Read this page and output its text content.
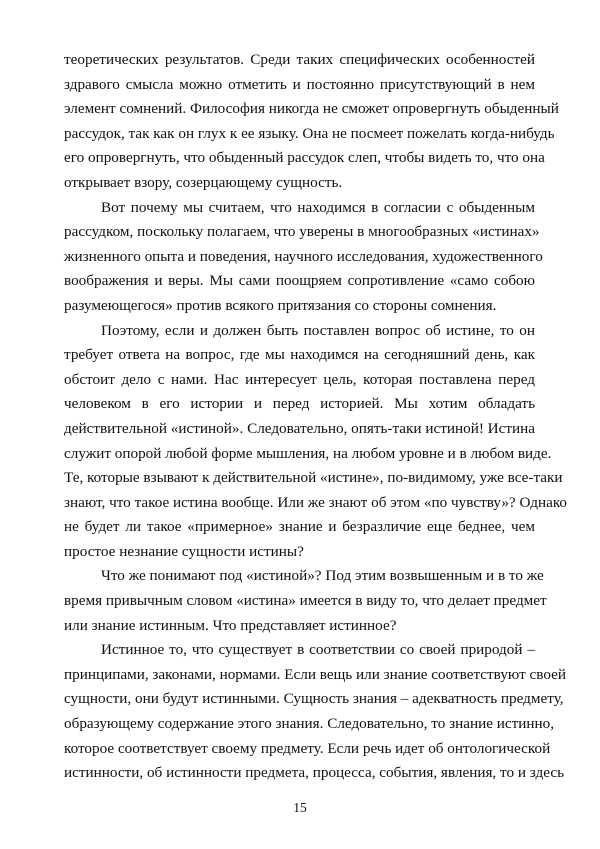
теоретических результатов. Среди таких специфических особенностей
здравого смысла можно отметить и постоянно присутствующий в нем
элемент сомнений. Философия никогда не сможет опровергнуть обыденный
рассудок, так как он глух к ее языку. Она не посмеет пожелать когда-нибудь
его опровергнуть, что обыденный рассудок слеп, чтобы видеть то, что она
открывает взору, созерцающему сущность.
Вот почему мы считаем, что находимся в согласии с обыденным
рассудком, поскольку полагаем, что уверены в многообразных «истинах»
жизненного опыта и поведения, научного исследования, художественного
воображения и веры. Мы сами поощряем сопротивление «само собою
разумеющегося» против всякого притязания со стороны сомнения.
Поэтому, если и должен быть поставлен вопрос об истине, то он
требует ответа на вопрос, где мы находимся на сегодняшний день, как
обстоит дело с нами. Нас интересует цель, которая поставлена перед
человеком в его истории и перед историей. Мы хотим обладать
действительной «истиной». Следовательно, опять-таки истиной! Истина
служит опорой любой форме мышления, на любом уровне и в любом виде.
Те, которые взывают к действительной «истине», по-видимому, уже все-таки
знают, что такое истина вообще. Или же знают об этом «по чувству»? Однако
не будет ли такое «примерное» знание и безразличие еще беднее, чем
простое незнание сущности истины?
Что же понимают под «истиной»? Под этим возвышенным и в то же
время привычным словом «истина» имеется в виду то, что делает предмет
или знание истинным. Что представляет истинное?
Истинное то, что существует в соответствии со своей природой –
принципами, законами, нормами. Если вещь или знание соответствуют своей
сущности, они будут истинными. Сущность знания – адекватность предмету,
образующему содержание этого знания. Следовательно, то знание истинно,
которое соответствует своему предмету. Если речь идет об онтологической
истинности, об истинности предмета, процесса, события, явления, то и здесь
15
